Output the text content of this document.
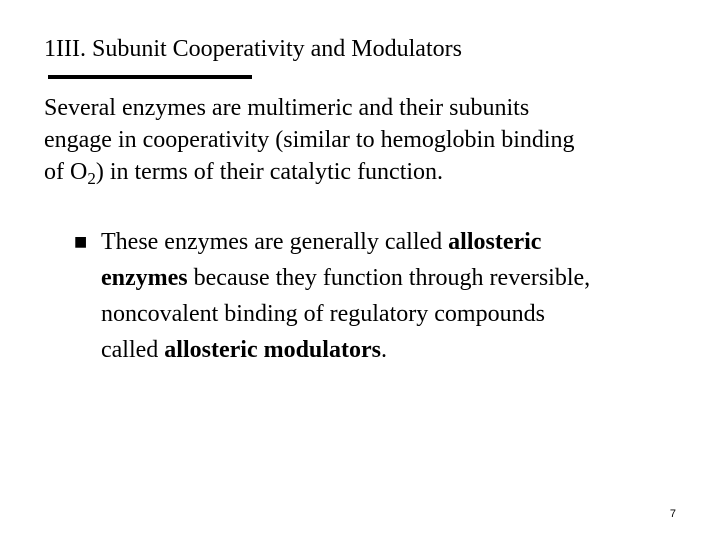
1III. Subunit Cooperativity and Modulators
Several enzymes are multimeric and their subunits
engage in cooperativity (similar to hemoglobin binding
of $O_2$) in terms of their catalytic function.
■ These enzymes are generally called allosteric
enzymes because they function through reversible,
noncovalent binding of regulatory compounds
called allosteric modulators.
7
